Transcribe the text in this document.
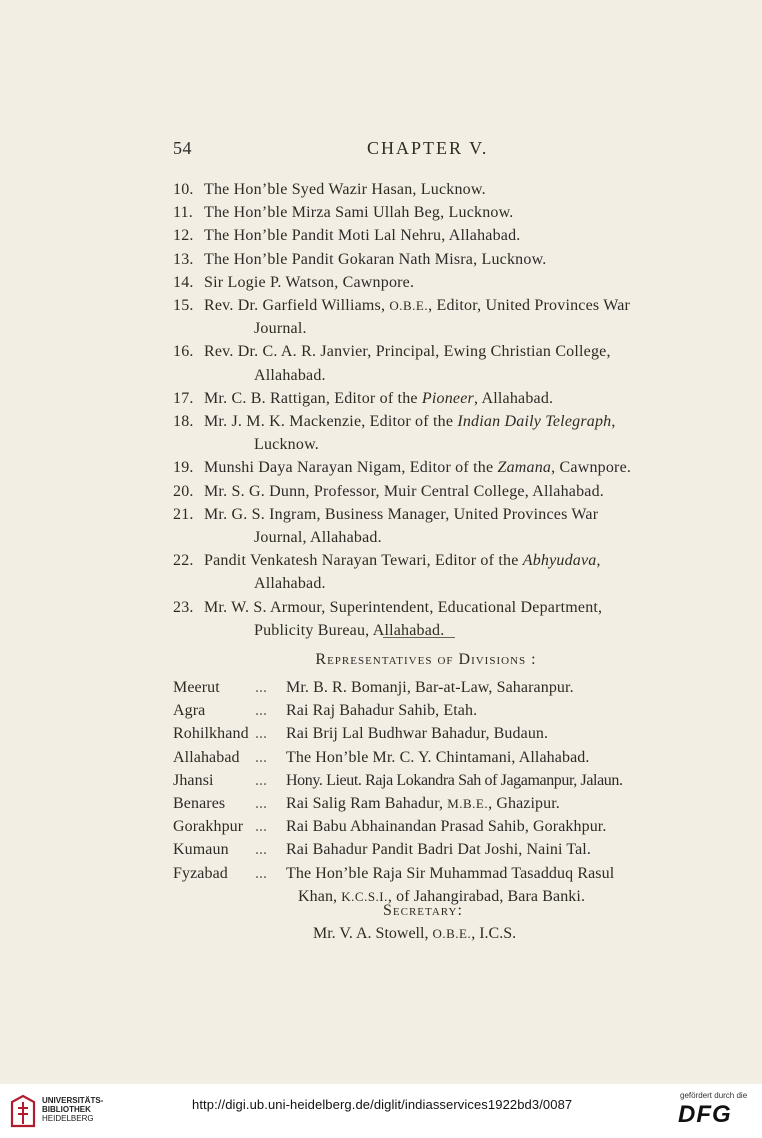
54	CHAPTER V.
10. The Hon’ble Syed Wazir Hasan, Lucknow.
11. The Hon’ble Mirza Sami Ullah Beg, Lucknow.
12. The Hon’ble Pandit Moti Lal Nehru, Allahabad.
13. The Hon’ble Pandit Gokaran Nath Misra, Lucknow.
14. Sir Logie P. Watson, Cawnpore.
15. Rev. Dr. Garfield Williams, O.B.E., Editor, United Provinces War
Journal.
16. Rev. Dr. C. A. R. Janvier, Principal, Ewing Christian College,
Allahabad.
17. Mr. C. B. Rattigan, Editor of the Pioneer, Allahabad.
18. Mr. J. M. K. Mackenzie, Editor of the Indian Daily Telegraph,
Lucknow.
19. Munshi Daya Narayan Nigam, Editor of the Zamana, Cawnpore.
20. Mr. S. G. Dunn, Professor, Muir Central College, Allahabad.
21. Mr. G. S. Ingram, Business Manager, United Provinces War
Journal, Allahabad.
22. Pandit Venkatesh Narayan Tewari, Editor of the Abhyudava,
Allahabad.
23. Mr. W. S. Armour, Superintendent, Educational Department,
Publicity Bureau, Allahabad.
Representatives of Divisions :
Meerut	...	Mr. B. R. Bomanji, Bar-at-Law, Saharanpur.
Agra	...	Rai Raj Bahadur Sahib, Etah.
Rohilkhand ...	Rai Brij Lal Budhwar Bahadur, Budaun.
Allahabad ...	The Hon’ble Mr. C. Y. Chintamani, Allahabad.
Jhansi	...	Hony. Lieut. Raja Lokandra Sah of Jagamanpur, Jalaun.
Benares	...	Rai Salig Ram Bahadur, M.B.E., Ghazipur.
Gorakhpur ...	Rai Babu Abhainandan Prasad Sahib, Gorakhpur.
Kumaun	...	Rai Bahadur Pandit Badri Dat Joshi, Naini Tal.
Fyzabad	...	The Hon’ble Raja Sir Muhammad Tasadduq Rasul
Khan, K.C.S.I., of Jahangirabad, Bara Banki.
Secretary:
Mr. V. A. Stowell, O.B.E., I.C.S.
UNIVERSITÄTS-
BIBLIOTHEK
HEIDELBERG
http://digi.ub.uni-heidelberg.de/diglit/indiasservices1922bd3/0087
gefördert durch die
DFG
